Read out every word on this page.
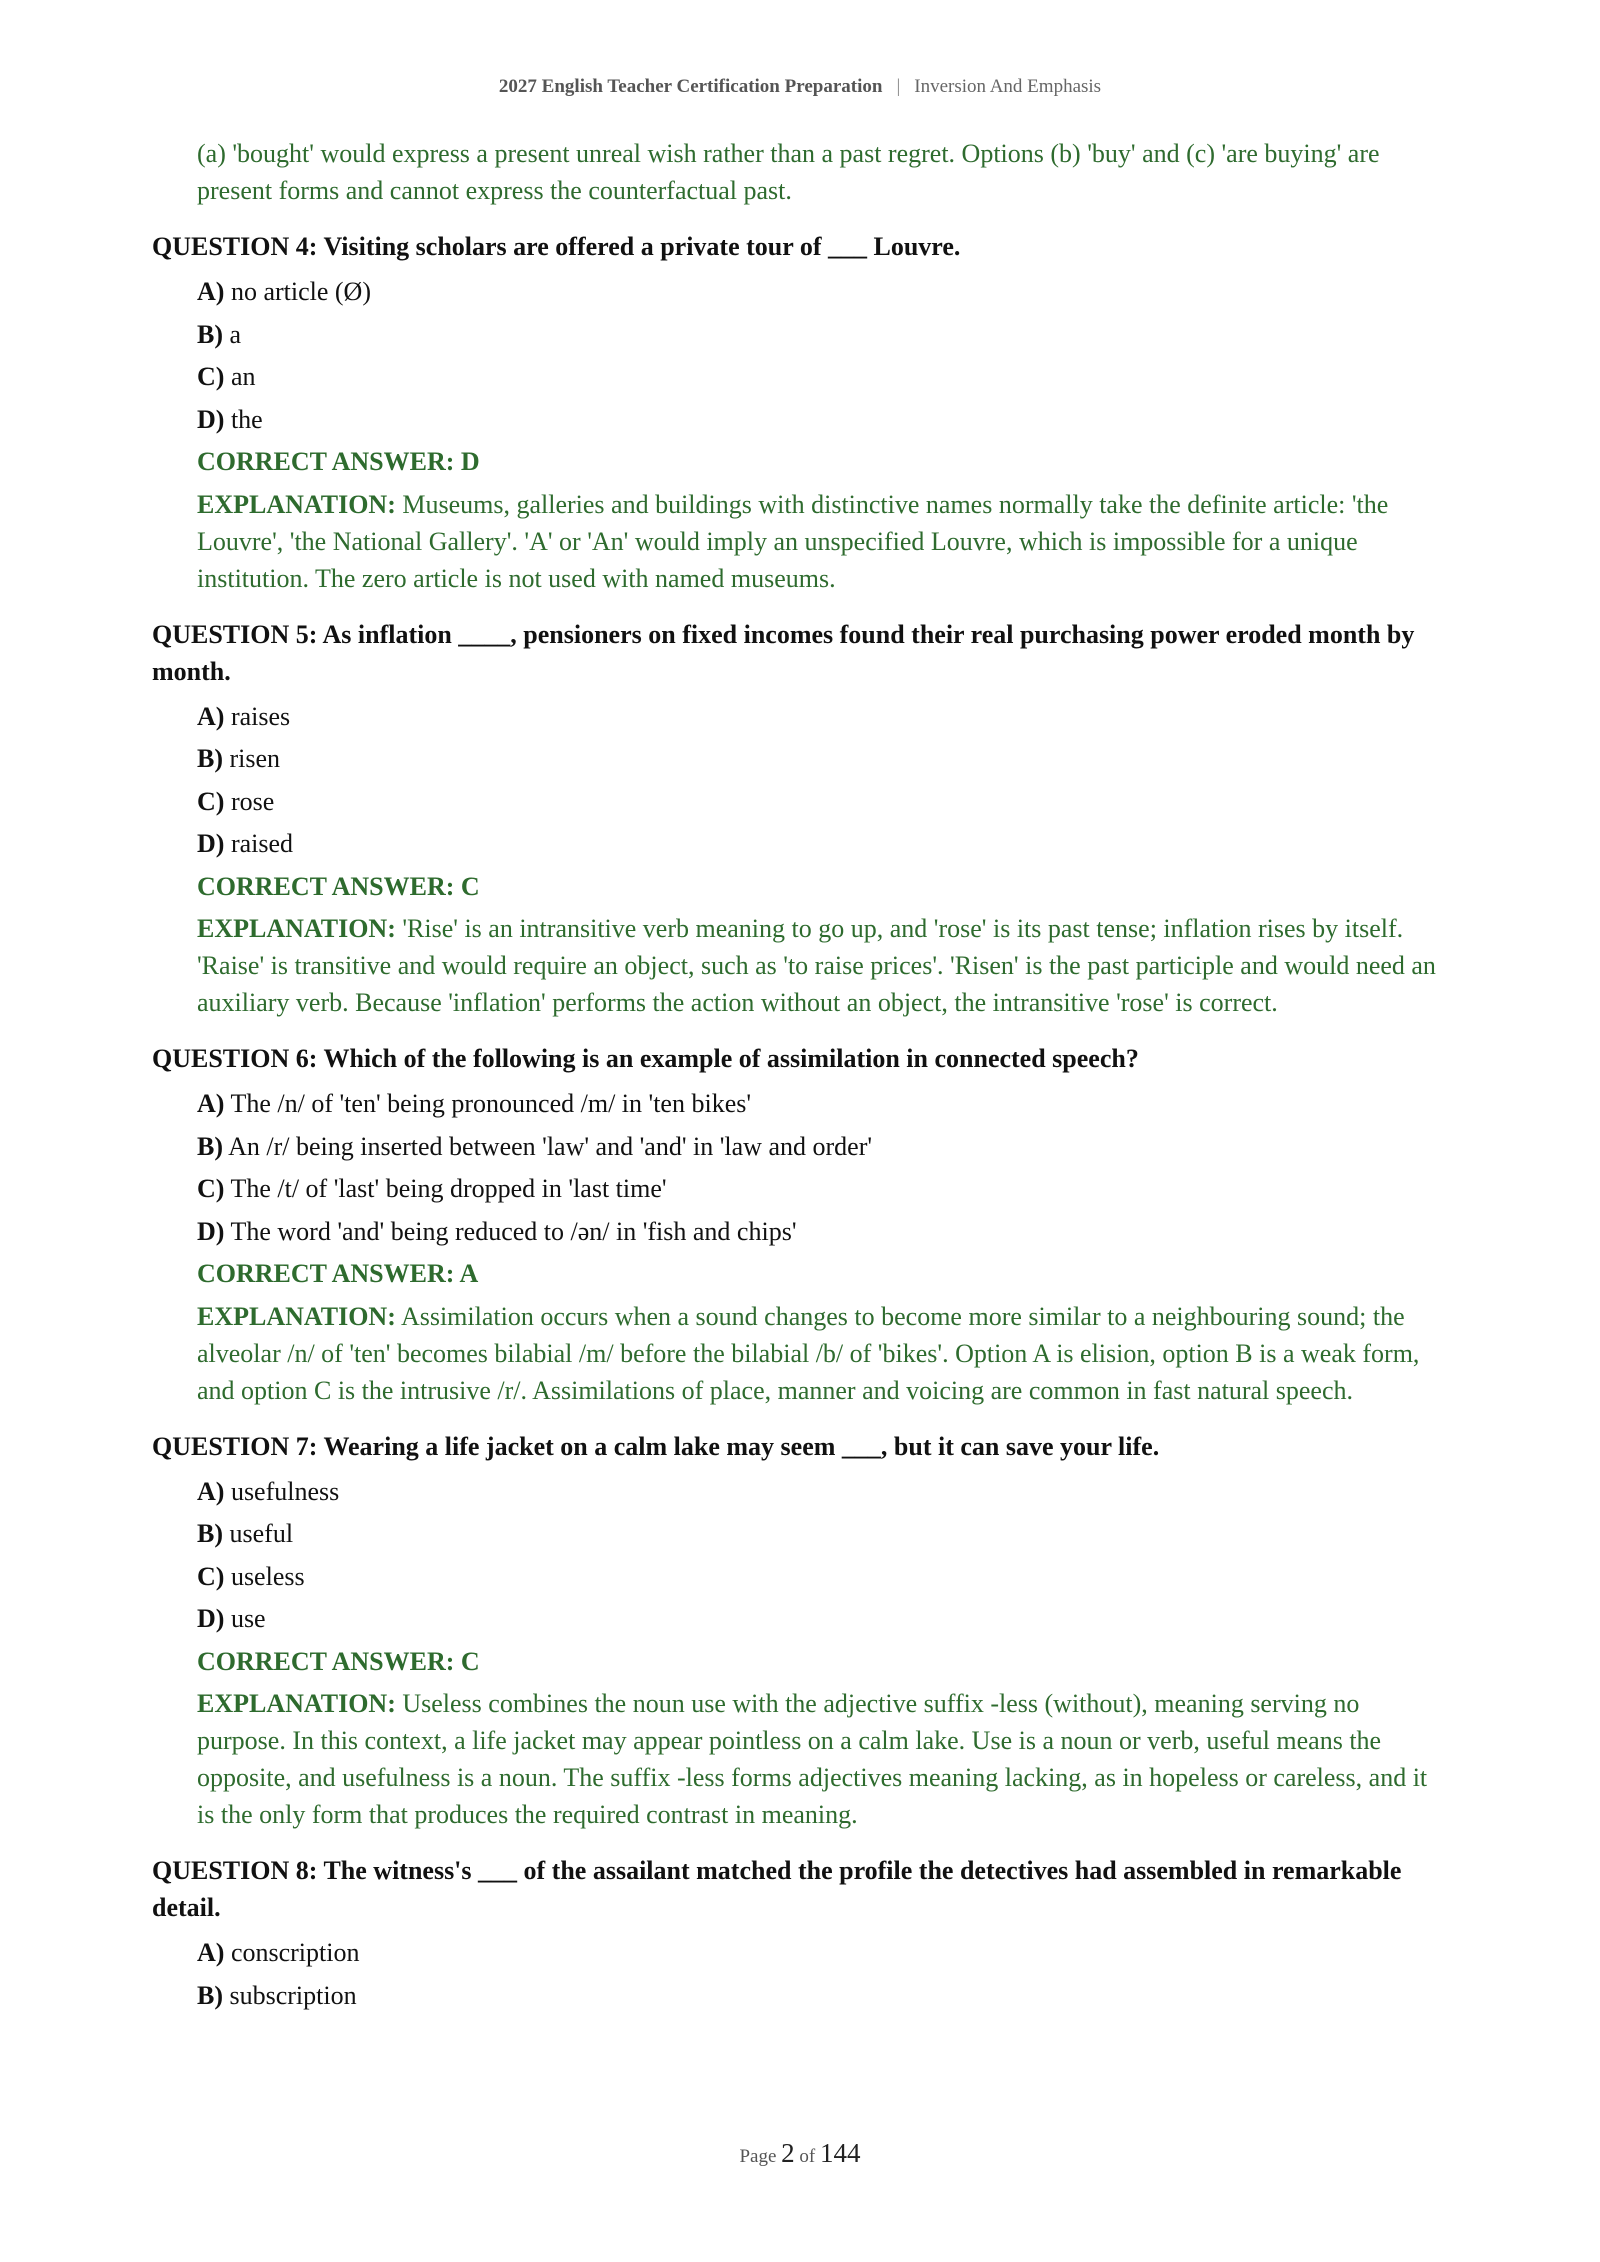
2027 English Teacher Certification Preparation | Inversion And Emphasis
(a) 'bought' would express a present unreal wish rather than a past regret. Options (b) 'buy' and (c) 'are buying' are present forms and cannot express the counterfactual past.
QUESTION 4: Visiting scholars are offered a private tour of ___ Louvre.
A) no article (Ø)
B) a
C) an
D) the
CORRECT ANSWER: D
EXPLANATION: Museums, galleries and buildings with distinctive names normally take the definite article: 'the Louvre', 'the National Gallery'. 'A' or 'An' would imply an unspecified Louvre, which is impossible for a unique institution. The zero article is not used with named museums.
QUESTION 5: As inflation ____, pensioners on fixed incomes found their real purchasing power eroded month by month.
A) raises
B) risen
C) rose
D) raised
CORRECT ANSWER: C
EXPLANATION: 'Rise' is an intransitive verb meaning to go up, and 'rose' is its past tense; inflation rises by itself. 'Raise' is transitive and would require an object, such as 'to raise prices'. 'Risen' is the past participle and would need an auxiliary verb. Because 'inflation' performs the action without an object, the intransitive 'rose' is correct.
QUESTION 6: Which of the following is an example of assimilation in connected speech?
A) The /n/ of 'ten' being pronounced /m/ in 'ten bikes'
B) An /r/ being inserted between 'law' and 'and' in 'law and order'
C) The /t/ of 'last' being dropped in 'last time'
D) The word 'and' being reduced to /ən/ in 'fish and chips'
CORRECT ANSWER: A
EXPLANATION: Assimilation occurs when a sound changes to become more similar to a neighbouring sound; the alveolar /n/ of 'ten' becomes bilabial /m/ before the bilabial /b/ of 'bikes'. Option A is elision, option B is a weak form, and option C is the intrusive /r/. Assimilations of place, manner and voicing are common in fast natural speech.
QUESTION 7: Wearing a life jacket on a calm lake may seem ___, but it can save your life.
A) usefulness
B) useful
C) useless
D) use
CORRECT ANSWER: C
EXPLANATION: Useless combines the noun use with the adjective suffix -less (without), meaning serving no purpose. In this context, a life jacket may appear pointless on a calm lake. Use is a noun or verb, useful means the opposite, and usefulness is a noun. The suffix -less forms adjectives meaning lacking, as in hopeless or careless, and it is the only form that produces the required contrast in meaning.
QUESTION 8: The witness's ___ of the assailant matched the profile the detectives had assembled in remarkable detail.
A) conscription
B) subscription
Page 2 of 144
